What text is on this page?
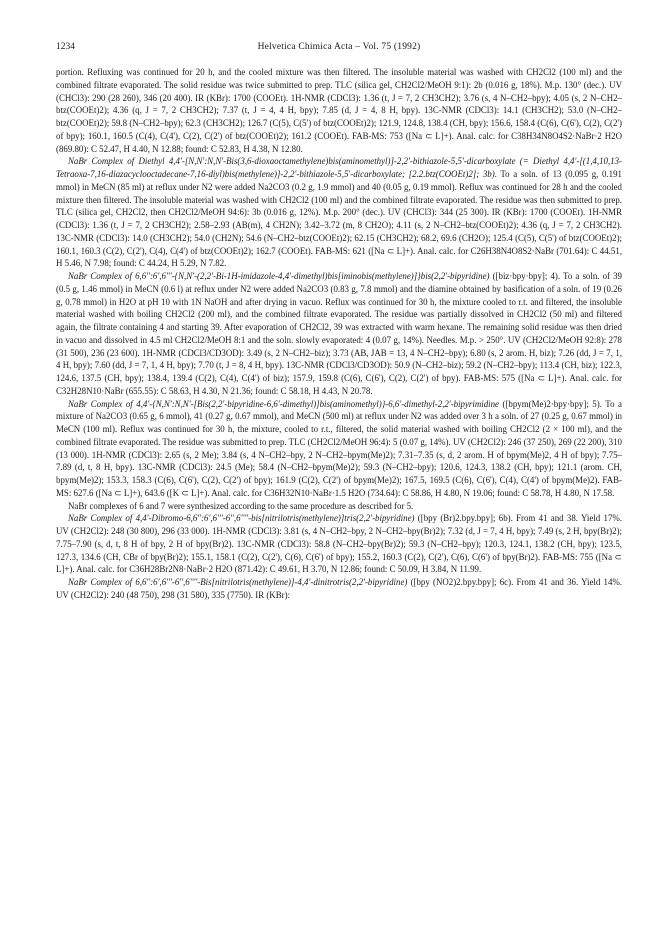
1234	Helvetica Chimica Acta – Vol. 75 (1992)

portion. Refluxing was continued for 20 h, and the cooled mixture was then filtered. The insoluble material was washed with CH2Cl2 (100 ml) and the combined filtrate evaporated. The solid residue was twice submitted to prep. TLC (silica gel, CH2Cl2/MeOH 9:1): 2b (0.016 g, 18%). M.p. 130° (dec.). UV (CHCl3): 290 (28 260), 346 (20 400). IR (KBr): 1700 (COOEt). 1H-NMR (CDCl3): 1.36 (t, J = 7, 2 CH3CH2); 3.76 (s, 4 N–CH2–bpy); 4.05 (s, 2 N–CH2–btz(COOEt)2); 4.36 (q, J = 7, 2 CH3CH2); 7.37 (t, J = 4, 4 H, bpy); 7.85 (d, J = 4, 8 H, bpy). 13C-NMR (CDCl3): 14.1 (CH3CH2); 53.0 (N–CH2–btz(COOEt)2); 59.8 (N–CH2–bpy); 62.3 (CH3CH2); 126.7 (C(5), C(5') of btz(COOEt)2); 121.9, 124.8, 138.4 (CH, bpy); 156.6, 158.4 (C(6), C(6'), C(2), C(2') of bpy); 160.1, 160.5 (C(4), C(4'), C(2), C(2') of btz(COOEt)2); 161.2 (COOEt). FAB-MS: 753 ([Na ⊂ L]+). Anal. calc. for C38H34N8O4S2·NaBr·2 H2O (869.80): C 52.47, H 4.40, N 12.88; found: C 52.83, H 4.38, N 12.80.

NaBr Complex of Diethyl 4,4'-[N,N':N,N'-Bis(3,6-dioxaoctamethylene)bis(aminomethyl)]-2,2'-bithiazole-5,5'-dicarboxylate (= Diethyl 4,4'-[(1,4,10,13-Tetraoxa-7,16-diazacyclooctadecane-7,16-diyl)bis(methylene)]-2,2'-bithiazole-5,5'-dicarboxylate; [2.2.btz(COOEt)2]; 3b). To a soln. of 13 (0.095 g, 0.191 mmol) in MeCN (85 ml) at reflux under N2 were added Na2CO3 (0.2 g, 1.9 mmol) and 40 (0.05 g, 0.19 mmol). Reflux was continued for 28 h and the cooled mixture then filtered. The insoluble material was washed with CH2Cl2 (100 ml) and the combined filtrate evaporated. The residue was then submitted to prep. TLC (silica gel, CH2Cl2, then CH2Cl2/MeOH 94:6): 3b (0.016 g, 12%). M.p. 200° (dec.). UV (CHCl3): 344 (25 300). IR (KBr): 1700 (COOEt). 1H-NMR (CDCl3): 1.36 (t, J = 7, 2 CH3CH2); 2.58–2.93 (AB(m), 4 CH2N); 3.42–3.72 (m, 8 CH2O); 4.11 (s, 2 N–CH2–btz(COOEt)2); 4.36 (q, J = 7, 2 CH3CH2). 13C-NMR (CDCl3): 14.0 (CH3CH2); 54.0 (CH2N); 54.6 (N–CH2–btz(COOEt)2); 62.15 (CH3CH2); 68.2, 69.6 (CH2O); 125.4 (C(5), C(5') of btz(COOEt)2); 160.1, 160.3 (C(2), C(2'), C(4), C(4') of btz(COOEt)2); 162.7 (COOEt). FAB-MS: 621 ([Na ⊂ L]+). Anal. calc. for C26H38N4O8S2·NaBr (701.64): C 44.51, H 5.46, N 7.98; found: C 44.24, H 5.29, N 7.82.

NaBr Complex of 6,6'':6',6'''-{N,N'-(2,2'-Bi-1H-imidazole-4,4'-dimethyl)bis[iminobis(methylene)]}bis(2,2'-bipyridine) ([biz·bpy·bpy]; 4). To a soln. of 39 (0.5 g, 1.46 mmol) in MeCN (0.6 l) at reflux under N2 were added Na2CO3 (0.83 g, 7.8 mmol) and the diamine obtained by basification of a soln. of 19 (0.26 g, 0.78 mmol) in H2O at pH 10 with 1N NaOH and after drying in vacuo. Reflux was continued for 30 h, the mixture cooled to r.t. and filtered, the insoluble material washed with boiling CH2Cl2 (200 ml), and the combined filtrate evaporated. The residue was partially dissolved in CH2Cl2 (50 ml) and filtered again, the filtrate containing 4 and starting 39. After evaporation of CH2Cl2, 39 was extracted with warm hexane. The remaining solid residue was then dried in vacuo and dissolved in 4.5 ml CH2Cl2/MeOH 8:1 and the soln. slowly evaporated: 4 (0.07 g, 14%). Needles. M.p. > 250°. UV (CH2Cl2/MeOH 92:8): 278 (31 500), 236 (23 600). 1H-NMR (CDCl3/CD3OD): 3.49 (s, 2 N–CH2–biz); 3.73 (AB, JAB = 13, 4 N–CH2–bpy); 6.80 (s, 2 arom. H, biz); 7.26 (dd, J = 7, 1, 4 H, bpy); 7.60 (dd, J = 7, 1, 4 H, bpy); 7.70 (t, J = 8, 4 H, bpy). 13C-NMR (CDCl3/CD3OD): 50.9 (N–CH2–biz); 59.2 (N–CH2–bpy); 113.4 (CH, biz); 122.3, 124.6, 137.5 (CH, bpy); 138.4, 139.4 (C(2), C(4), C(4') of biz); 157.9, 159.8 (C(6), C(6'), C(2), C(2') of bpy). FAB-MS: 575 ([Na ⊂ L]+). Anal. calc. for C32H28N10·NaBr (655.55): C 58.63, H 4.30, N 21.36; found: C 58.18, H 4.43, N 20.78.

NaBr Complex of 4,4'-{N,N':N,N'-[Bis(2,2'-bipyridine-6,6'-dimethyl)]bis(aminomethyl)}-6,6'-dimethyl-2,2'-bipyrimidine ([bpym(Me)2·bpy·bpy]; 5). To a mixture of Na2CO3 (0.65 g, 6 mmol), 41 (0.27 g, 0.67 mmol), and MeCN (500 ml) at reflux under N2 was added over 3 h a soln. of 27 (0.25 g, 0.67 mmol) in MeCN (100 ml). Reflux was continued for 30 h, the mixture, cooled to r.t., filtered, the solid material washed with boiling CH2Cl2 (2 × 100 ml), and the combined filtrate evaporated. The residue was submitted to prep. TLC (CH2Cl2/MeOH 96:4): 5 (0.07 g, 14%). UV (CH2Cl2): 246 (37 250), 269 (22 200), 310 (13 000). 1H-NMR (CDCl3): 2.65 (s, 2 Me); 3.84 (s, 4 N–CH2–bpy, 2 N–CH2–bpym(Me)2); 7.31–7.35 (s, d, 2 arom. H of bpym(Me)2, 4 H of bpy); 7.75–7.89 (d, t, 8 H, bpy). 13C-NMR (CDCl3): 24.5 (Me); 58.4 (N–CH2–bpym(Me)2); 59.3 (N–CH2–bpy); 120.6, 124.3, 138.2 (CH, bpy); 121.1 (arom. CH, bpym(Me)2); 153.3, 158.3 (C(6), C(6'), C(2), C(2') of bpy); 161.9 (C(2), C(2') of bpym(Me)2); 167.5, 169.5 (C(6), C(6'), C(4), C(4') of bpym(Me)2). FAB-MS: 627.6 ([Na ⊂ L]+), 643.6 ([K ⊂ L]+). Anal. calc. for C36H32N10·NaBr·1.5 H2O (734.64): C 58.86, H 4.80, N 19.06; found: C 58.78, H 4.80, N 17.58.

NaBr complexes of 6 and 7 were synthesized according to the same procedure as described for 5.

NaBr Complex of 4,4'-Dibromo-6,6'':6',6'''-6'',6''''-bis[nitrilotris(methylene)]tris(2,2'-bipyridine) ([bpy (Br)2.bpy.bpy]; 6b). From 41 and 38. Yield 17%. UV (CH2Cl2): 248 (30 800), 296 (33 000). 1H-NMR (CDCl3): 3.81 (s, 4 N–CH2–bpy, 2 N–CH2–bpy(Br)2); 7.32 (d, J = 7, 4 H, bpy); 7.49 (s, 2 H, bpy(Br)2); 7.75–7.90 (s, d, t, 8 H of bpy, 2 H of bpy(Br)2). 13C-NMR (CDCl3): 58.8 (N–CH2–bpy(Br)2); 59.3 (N–CH2–bpy); 120.3, 124.1, 138.2 (CH, bpy); 123.5, 127.3, 134.6 (CH, CBr of bpy(Br)2); 155.1, 158.1 (C(2), C(2'), C(6), C(6') of bpy); 155.2, 160.3 (C(2), C(2'), C(6), C(6') of bpy(Br)2). FAB-MS: 755 ([Na ⊂ L]+). Anal. calc. for C36H28Br2N8·NaBr·2 H2O (871.42): C 49.61, H 3.70, N 12.86; found: C 50.09, H 3.84, N 11.99.

NaBr Complex of 6,6'':6',6'''-6'',6''''-Bis[nitrilotris(methylene)]-4,4'-dinitrotris(2,2'-bipyridine) ([bpy (NO2)2.bpy.bpy]; 6c). From 41 and 36. Yield 14%. UV (CH2Cl2): 240 (48 750), 298 (31 580), 335 (7750). IR (KBr):
